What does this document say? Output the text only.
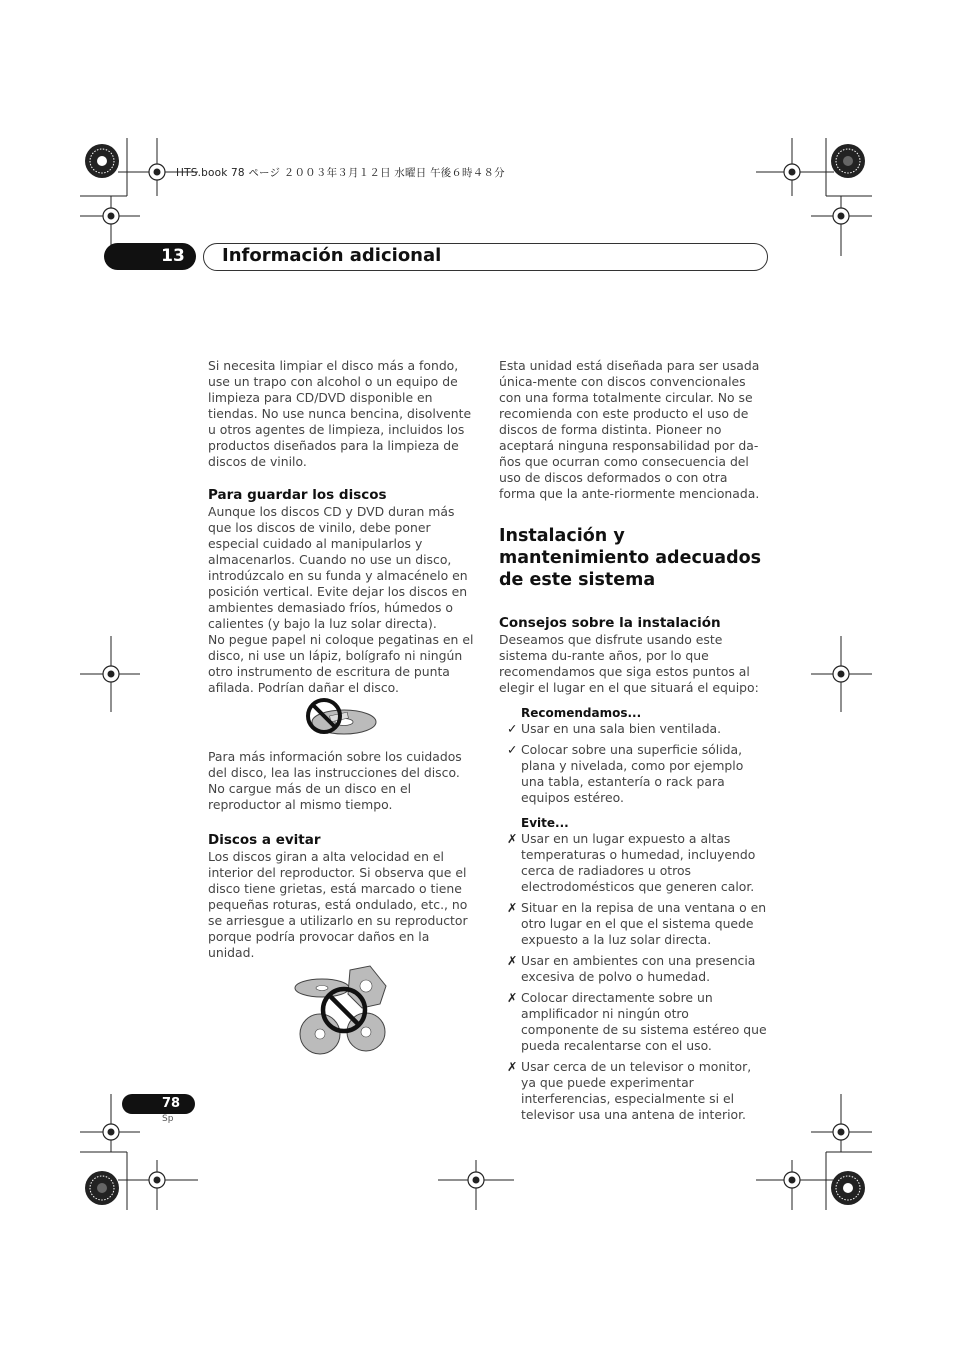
HTS.book 78 ページ ２００３年３月１２日 水曜日 午後６時４８分
13	Información adicional

Si necesita limpiar el disco más a fondo, use un trapo con alcohol o un equipo de limpieza para CD/DVD disponible en tiendas. No use nunca bencina, disolvente u otros agentes de limpieza, incluidos los productos diseñados para la limpieza de discos de vinilo.

Para guardar los discos

Aunque los discos CD y DVD duran más que los discos de vinilo, debe poner especial cuidado al manipularlos y almacenarlos. Cuando no use un disco, introdúzcalo en su funda y almacénelo en posición vertical. Evite dejar los discos en ambientes demasiado fríos, húmedos o calientes (y bajo la luz solar directa).

No pegue papel ni coloque pegatinas en el disco, ni use un lápiz, bolígrafo ni ningún otro instrumento de escritura de punta afilada. Podrían dañar el disco.

Para más información sobre los cuidados del disco, lea las instrucciones del disco.

No cargue más de un disco en el reproductor al mismo tiempo.

Discos a evitar

Los discos giran a alta velocidad en el interior del reproductor. Si observa que el disco tiene grietas, está marcado o tiene pequeñas roturas, está ondulado, etc., no se arriesgue a utilizarlo en su reproductor porque podría provocar daños en la unidad.

Esta unidad está diseñada para ser usada única-mente con discos convencionales con una forma totalmente circular. No se recomienda con este producto el uso de discos de forma distinta. Pioneer no aceptará ninguna responsabilidad por da-ños que ocurran como consecuencia del uso de discos deformados o con otra forma que la ante-riormente mencionada.

Instalación y mantenimiento adecuados de este sistema
Consejos sobre la instalación

Deseamos que disfrute usando este sistema du-rante años, por lo que recomendamos que siga estos puntos al elegir el lugar en el que situará el equipo:

Recomendamos...
✓ Usar en una sala bien ventilada.
✓ Colocar sobre una superficie sólida, plana y nivelada, como por ejemplo una tabla, estantería o rack para equipos estéreo.
Evite...
✗ Usar en un lugar expuesto a altas temperaturas o humedad, incluyendo cerca de radiadores u otros electrodomésticos que generen calor.
✗ Situar en la repisa de una ventana o en otro lugar en el que el sistema quede expuesto a la luz solar directa.
✗ Usar en ambientes con una presencia excesiva de polvo o humedad.
✗ Colocar directamente sobre un amplificador ni ningún otro componente de su sistema estéreo que pueda recalentarse con el uso.
✗ Usar cerca de un televisor o monitor, ya que puede experimentar interferencias, especialmente si el televisor usa una antena de interior.
78
Sp
